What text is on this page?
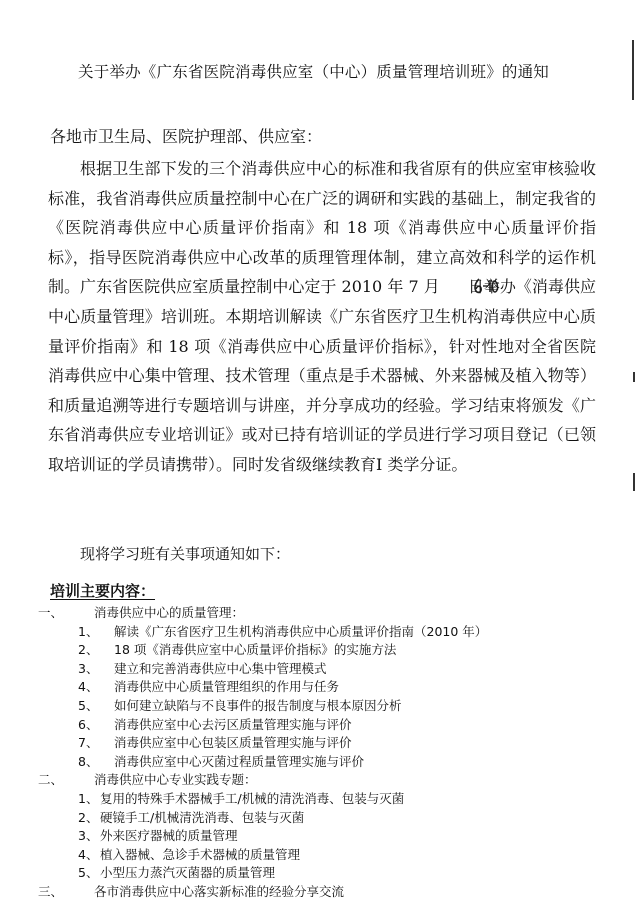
关于举办《广东省医院消毒供应室（中心）质量管理培训班》的通知
各地市卫生局、医院护理部、供应室：

根据卫生部下发的三个消毒供应中心的标准和我省原有的供应室审核验收标准，我省消毒供应质量控制中心在广泛的调研和实践的基础上，制定我省的《医院消毒供应中心质量评价指南》和 18 项《消毒供应中心质量评价指标》，指导医院消毒供应中心改革的质理管理体制，建立高效和科学的运作机制。广东省医院供应室质量控制中心定于 2010 年 7 月 日举办《消毒供应中心质量管理》培训班。本期培训解读《广东省医疗卫生机构消毒供应中心质量评价指南》和 18 项《消毒供应中心质量评价指标》，针对性地对全省医院消毒供应中心集中管理、技术管理（重点是手术器械、外来器械及植入物等）和质量追溯等进行专题培训与讲座，并分享成功的经验。学习结束将颁发《广东省消毒供应专业培训证》或对已持有培训证的学员进行学习项目登记（已领取培训证的学员请携带）。同时发省级继续教育Ⅰ 类学分证。

现将学习班有关事项通知如下：
培训主要内容：
一、 消毒供应中心的质量管理：
1、 解读《广东省医疗卫生机构消毒供应中心质量评价指南（2010 年）
2、 18 项《消毒供应室中心质量评价指标》的实施方法
3、 建立和完善消毒供应中心集中管理模式
4、 消毒供应中心质量管理组织的作用与任务
5、 如何建立缺陷与不良事件的报告制度与根本原因分析
6、 消毒供应室中心去污区质量管理实施与评价
7、 消毒供应室中心包装区质量管理实施与评价
8、 消毒供应室中心灭菌过程质量管理实施与评价
二、 消毒供应中心专业实践专题：
1、 复用的特殊手术器械手工/机械的清洗消毒、包装与灭菌
2、 硬镜手工/机械清洗消毒、包装与灭菌
3、 外来医疗器械的质量管理
4、 植入器械、急诊手术器械的质量管理
5、 小型压力蒸汽灭菌器的质量管理
三、 各市消毒供应中心落实新标准的经验分享交流
